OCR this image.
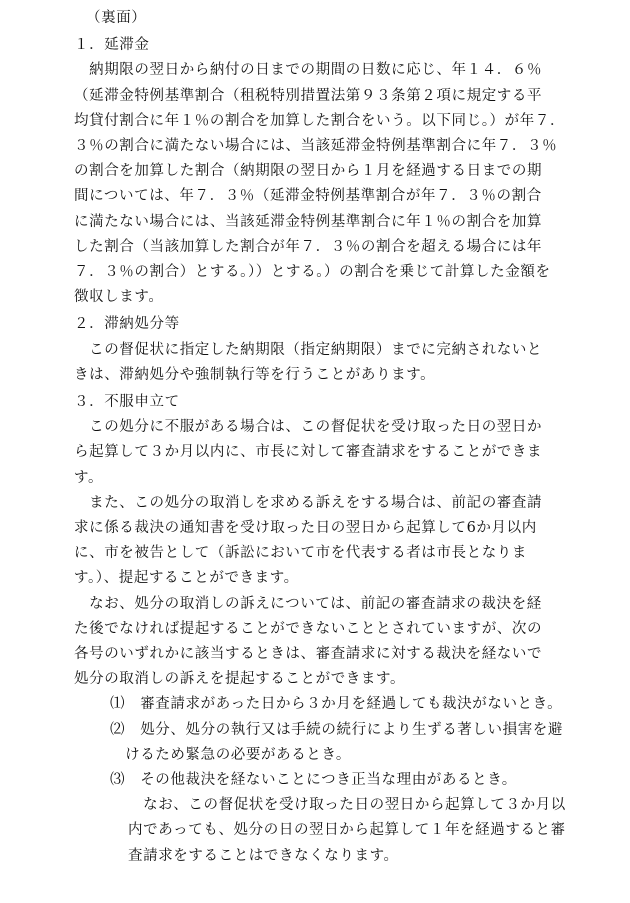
（裏面）
１．延滞金
　納期限の翌日から納付の日までの期間の日数に応じ、年１４．６％
（延滞金特例基準割合（租税特別措置法第９３条第２項に規定する平
均貸付割合に年１％の割合を加算した割合をいう。以下同じ。）が年７．
３％の割合に満たない場合には、当該延滞金特例基準割合に年７．３％
の割合を加算した割合（納期限の翌日から１月を経過する日までの期
間については、年７．３％（延滞金特例基準割合が年７．３％の割合
に満たない場合には、当該延滞金特例基準割合に年１％の割合を加算
した割合（当該加算した割合が年７．３％の割合を超える場合には年
７．３％の割合）とする。））とする。）の割合を乗じて計算した金額を
徴収します。
２．滞納処分等
　この督促状に指定した納期限（指定納期限）までに完納されないと
きは、滞納処分や強制執行等を行うことがあります。
３．不服申立て
　この処分に不服がある場合は、この督促状を受け取った日の翌日か
ら起算して３か月以内に、市長に対して審査請求をすることができま
す。
　また、この処分の取消しを求める訴えをする場合は、前記の審査請
求に係る裁決の通知書を受け取った日の翌日から起算して6か月以内
に、市を被告として（訴訟において市を代表する者は市長となりま
す。）、提起することができます。
　なお、処分の取消しの訴えについては、前記の審査請求の裁決を経
た後でなければ提起することができないこととされていますが、次の
各号のいずれかに該当するときは、審査請求に対する裁決を経ないで
処分の取消しの訴えを提起することができます。
⑴　審査請求があった日から３か月を経過しても裁決がないとき。
⑵　処分、処分の執行又は手続の続行により生ずる著しい損害を避
　けるため緊急の必要があるとき。
⑶　その他裁決を経ないことにつき正当な理由があるとき。
　なお、この督促状を受け取った日の翌日から起算して３か月以
内であっても、処分の日の翌日から起算して１年を経過すると審
査請求をすることはできなくなります。
